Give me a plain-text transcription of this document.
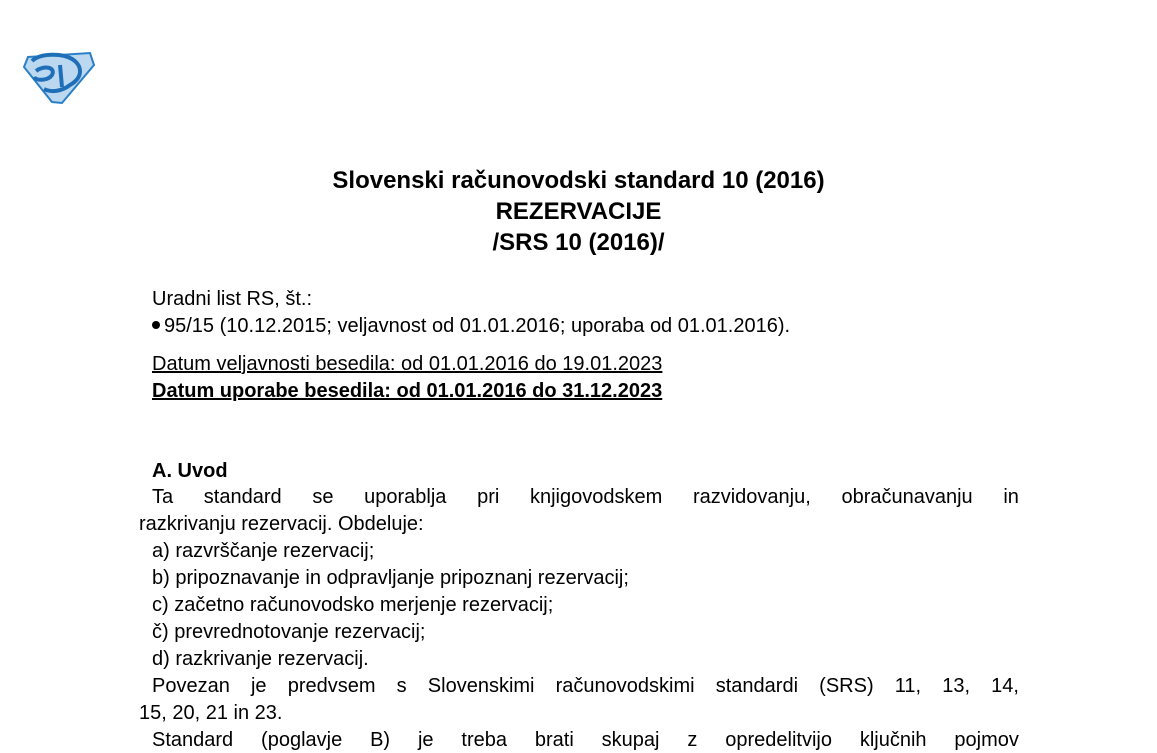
Slovenski računovodski standard 10 (2016)
REZERVACIJE
/SRS 10 (2016)/
Uradni list RS, št.:
95/15 (10.12.2015; veljavnost od 01.01.2016; uporaba od 01.01.2016).
Datum veljavnosti besedila: od 01.01.2016 do 19.01.2023
Datum uporabe besedila: od 01.01.2016 do 31.12.2023
A. Uvod
Ta standard se uporablja pri knjigovodskem razvidovanju, obračunavanju in
razkrivanju rezervacij. Obdeluje:
a) razvrščanje rezervacij;
b) pripoznavanje in odpravljanje pripoznanj rezervacij;
c) začetno računovodsko merjenje rezervacij;
č) prevrednotovanje rezervacij;
d) razkrivanje rezervacij.
Povezan je predvsem s Slovenskimi računovodskimi standardi (SRS) 11, 13, 14,
15, 20, 21 in 23.
Standard (poglavje B) je treba brati skupaj z opredelitvijo ključnih pojmov
